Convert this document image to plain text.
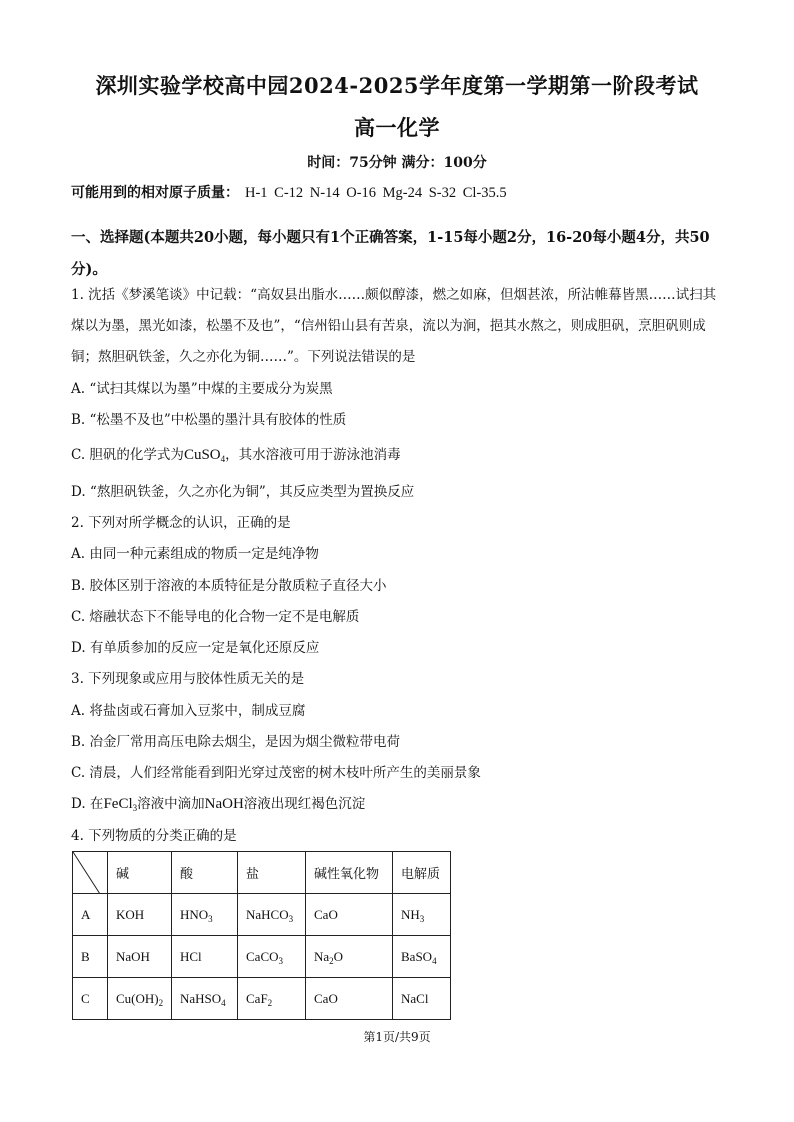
深圳实验学校高中园2024-2025学年度第一学期第一阶段考试
高一化学
时间：75分钟 满分：100分
可能用到的相对原子质量： H-1 C-12 N-14 O-16 Mg-24 S-32 Cl-35.5
一、选择题(本题共20小题，每小题只有1个正确答案，1-15每小题2分，16-20每小题4分，共50分)。
1. 沈括《梦溪笔谈》中记载：“高奴县出脂水……颇似醇漆，燃之如麻，但烟甚浓，所沾帷幕皆黑……试扫其煤以为墨，黑光如漆，松墨不及也”，“信州铅山县有苦泉，流以为涧，挹其水熬之，则成胆矾，烹胆矾则成铜；熬胆矾铁釜，久之亦化为铜……”。下列说法错误的是
A. “试扫其煤以为墨”中煤的主要成分为炭黑
B. “松墨不及也”中松墨的墨汁具有胶体的性质
C. 胆矾的化学式为CuSO$_4$，其水溶液可用于游泳池消毒
D. “熬胆矾铁釜，久之亦化为铜”，其反应类型为置换反应
2. 下列对所学概念的认识，正确的是
A. 由同一种元素组成的物质一定是纯净物
B. 胶体区别于溶液的本质特征是分散质粒子直径大小
C. 熔融状态下不能导电的化合物一定不是电解质
D. 有单质参加的反应一定是氧化还原反应
3. 下列现象或应用与胶体性质无关的是
A. 将盐卤或石膏加入豆浆中，制成豆腐
B. 冶金厂常用高压电除去烟尘，是因为烟尘微粒带电荷
C. 清晨，人们经常能看到阳光穿过茂密的树木枝叶所产生的美丽景象
D. 在FeCl$_3$溶液中滴加NaOH溶液出现红褐色沉淀
4. 下列物质的分类正确的是
	碱	酸	盐	碱性氧化物	电解质
A	KOH	$HNO_3$	NaHCO$_3$	CaO	$NH_3$
B	NaOH	HCl	CaCO$_3$	$Na_2O$	BaSO$_4$
C	$Cu(OH)_2$	NaHSO$_4$	CaF$_2$	CaO	NaCl
第1页/共9页
